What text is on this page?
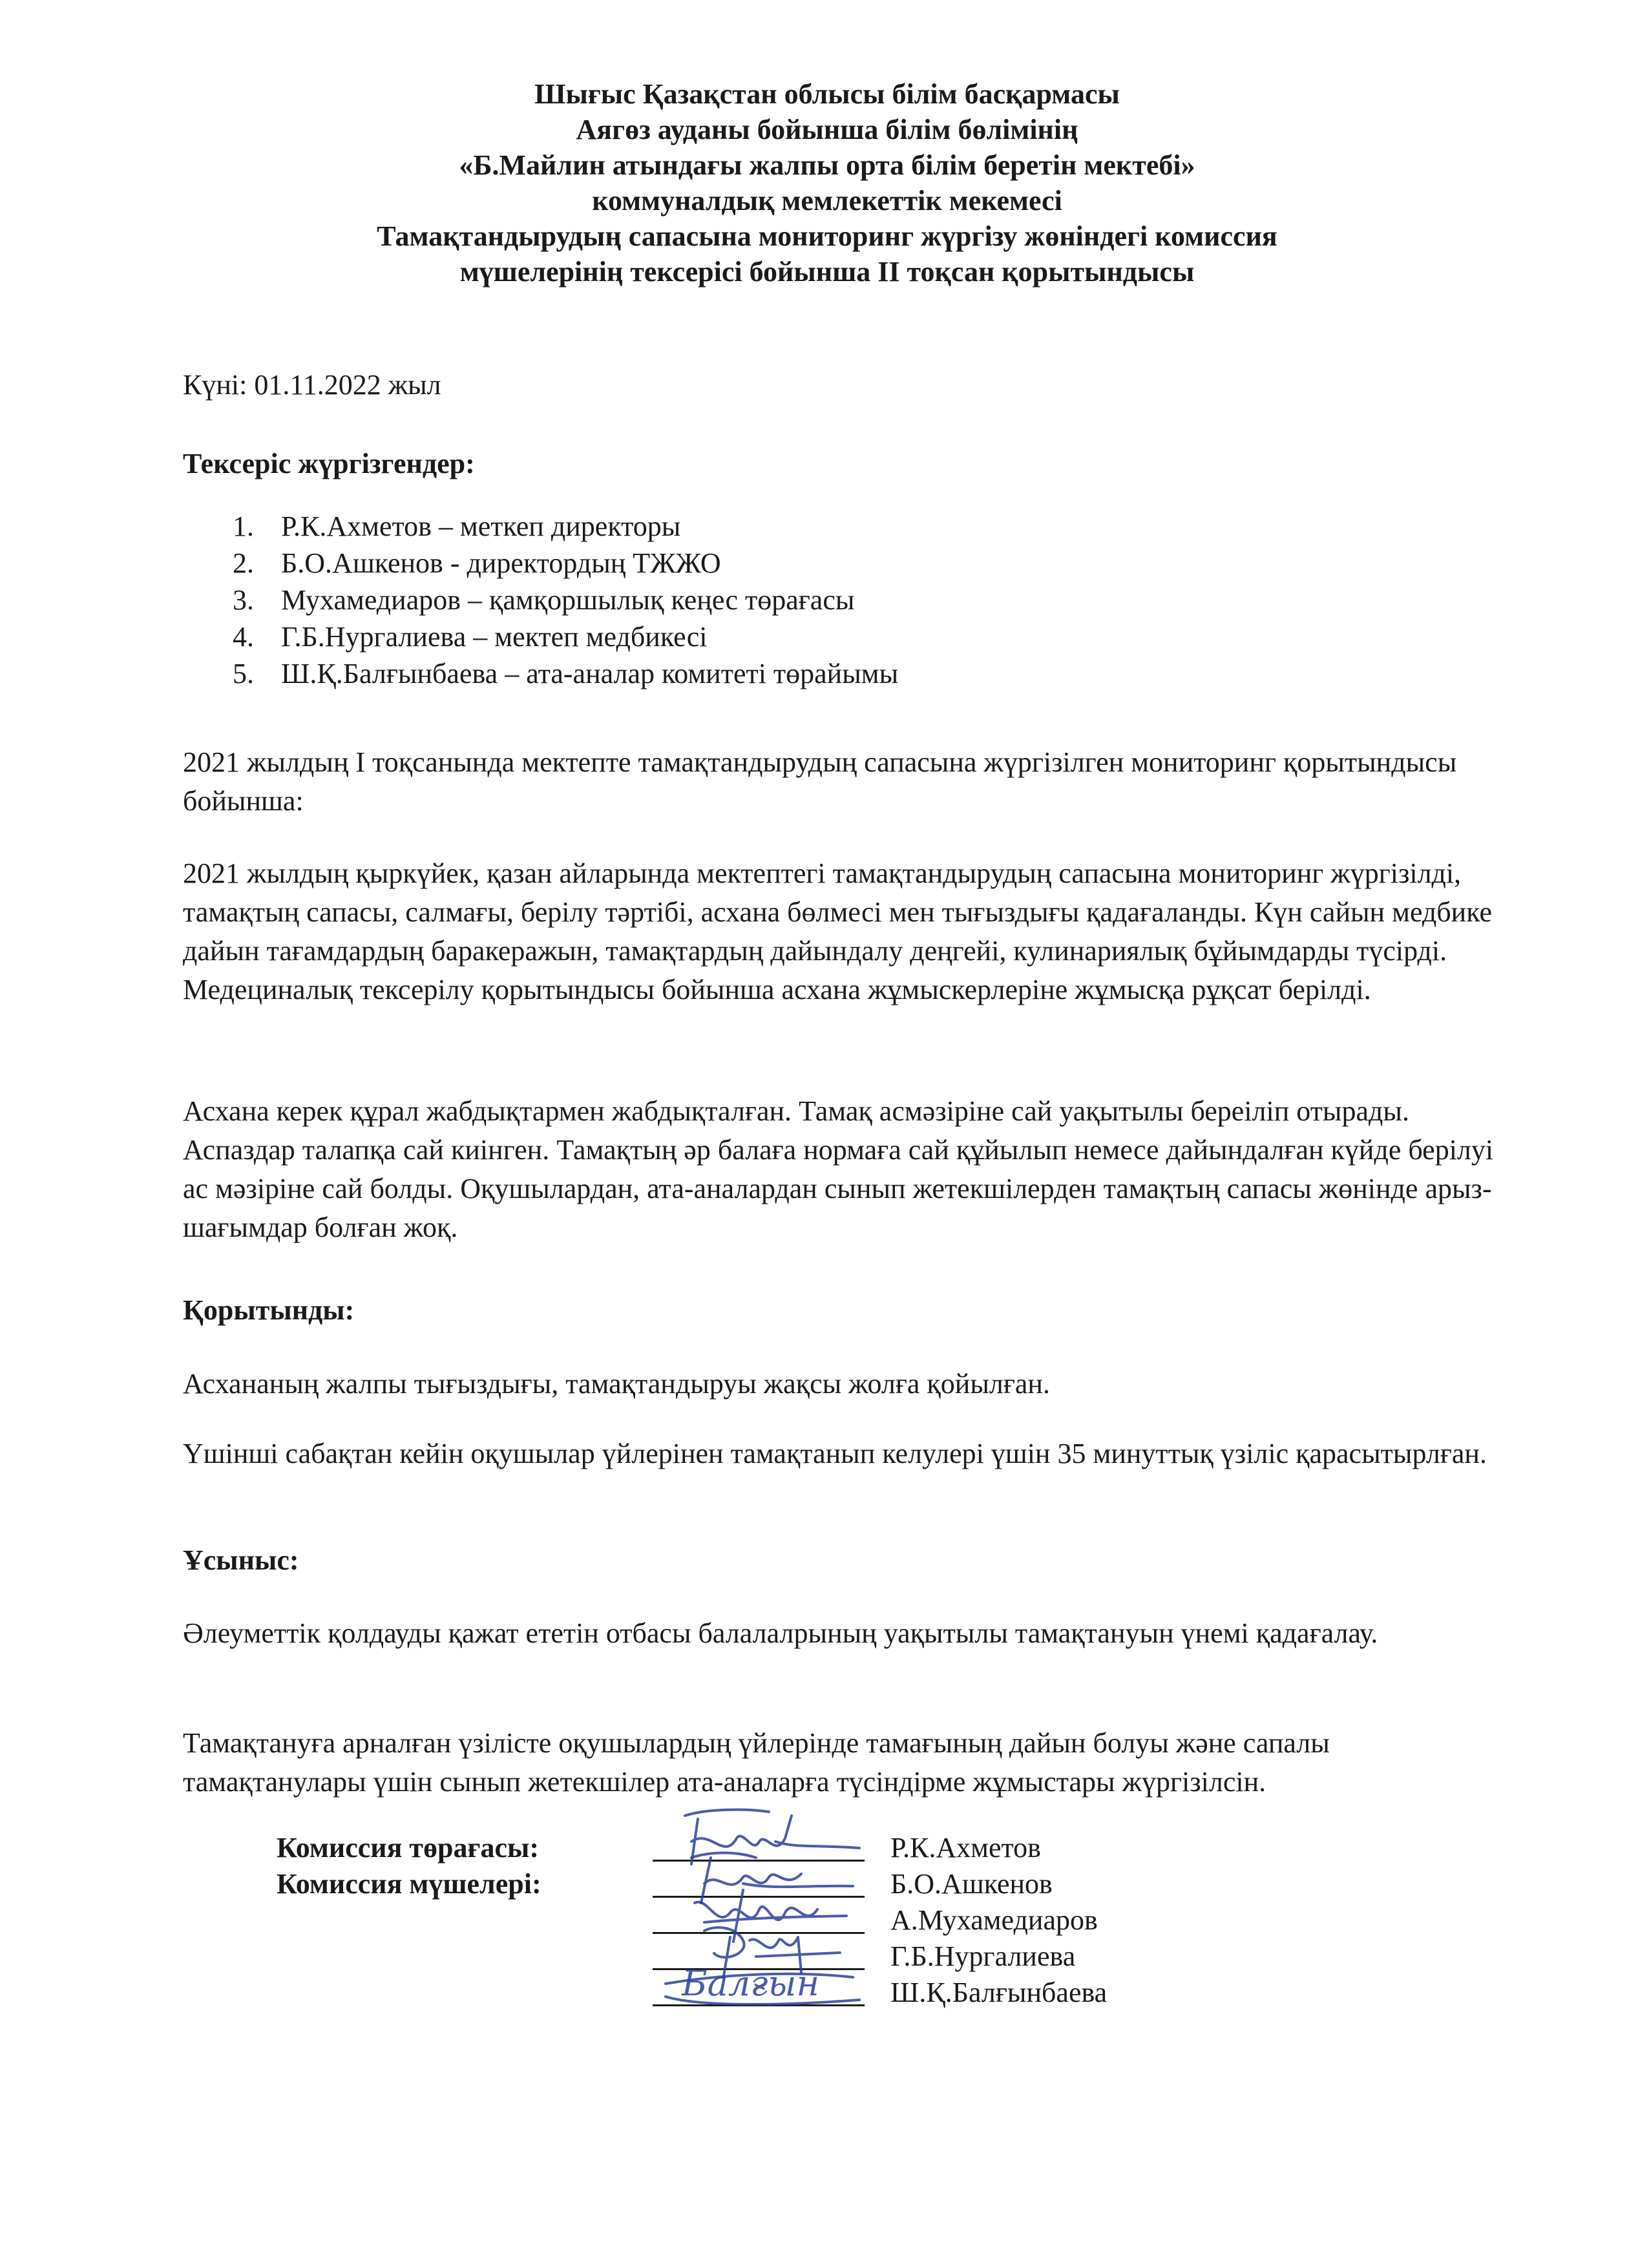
Шығыс Қазақстан облысы білім басқармасы
Аягөз ауданы бойынша білім бөлімінің
«Б.Майлин атындағы жалпы орта білім беретін мектебі»
коммуналдық мемлекеттік мекемесі
Тамақтандырудың сапасына мониторинг жүргізу жөніндегі комиссия
мүшелерінің тексерісі бойынша ІІ тоқсан қорытындысы
Күні: 01.11.2022 жыл
Тексеріс жүргізгендер:
1. Р.К.Ахметов – меткеп директоры
2. Б.О.Ашкенов - директордың ТЖЖО
3. Мухамедиаров – қамқоршылық кеңес төрағасы
4. Г.Б.Нургалиева – мектеп медбикесі
5. Ш.Қ.Балғынбаева – ата-аналар комитеті төрайымы
2021 жылдың І тоқсанында мектепте тамақтандырудың сапасына жүргізілген мониторинг қорытындысы бойынша:
2021 жылдың қыркүйек, қазан айларында мектептегі тамақтандырудың сапасына мониторинг жүргізілді, тамақтың сапасы, салмағы, берілу тәртібі, асхана бөлмесі мен тығыздығы қадағаланды. Күн сайын медбике дайын тағамдардың баракеражын, тамақтардың дайындалу деңгейі, кулинариялық бұйымдарды түсірді. Медециналық тексерілу қорытындысы бойынша асхана жұмыскерлеріне жұмысқа рұқсат берілді.
Асхана керек құрал жабдықтармен жабдықталған. Тамақ асмәзіріне сай уақытылы береіліп отырады. Аспаздар талапқа сай киінген. Тамақтың әр балаға нормаға сай құйылып немесе дайындалған күйде берілуі ас мәзіріне сай болды. Оқушылардан, ата-аналардан сынып жетекшілерден тамақтың сапасы жөнінде арыз-шағымдар болған жоқ.
Қорытынды:
Асхананың жалпы тығыздығы, тамақтандыруы жақсы жолға қойылған.
Үшінші сабақтан кейін оқушылар үйлерінен тамақтанып келулері үшін 35 минуттық үзіліс қарасытырлған.
Ұсыныс:
Әлеуметтік қолдауды қажат ететін отбасы балалалрының уақытылы тамақтануын үнемі қадағалау.
Тамақтануға арналған үзілісте оқушылардың үйлерінде тамағының дайын болуы және сапалы тамақтанулары үшін сынып жетекшілер ата-аналарға түсіндірме жұмыстары жүргізілсін.
Комиссия төрағасы:
Комиссия мүшелері:
Р.К.Ахметов
Б.О.Ашкенов
А.Мухамедиаров
Г.Б.Нургалиева
Ш.Қ.Балғынбаева
Балғын
